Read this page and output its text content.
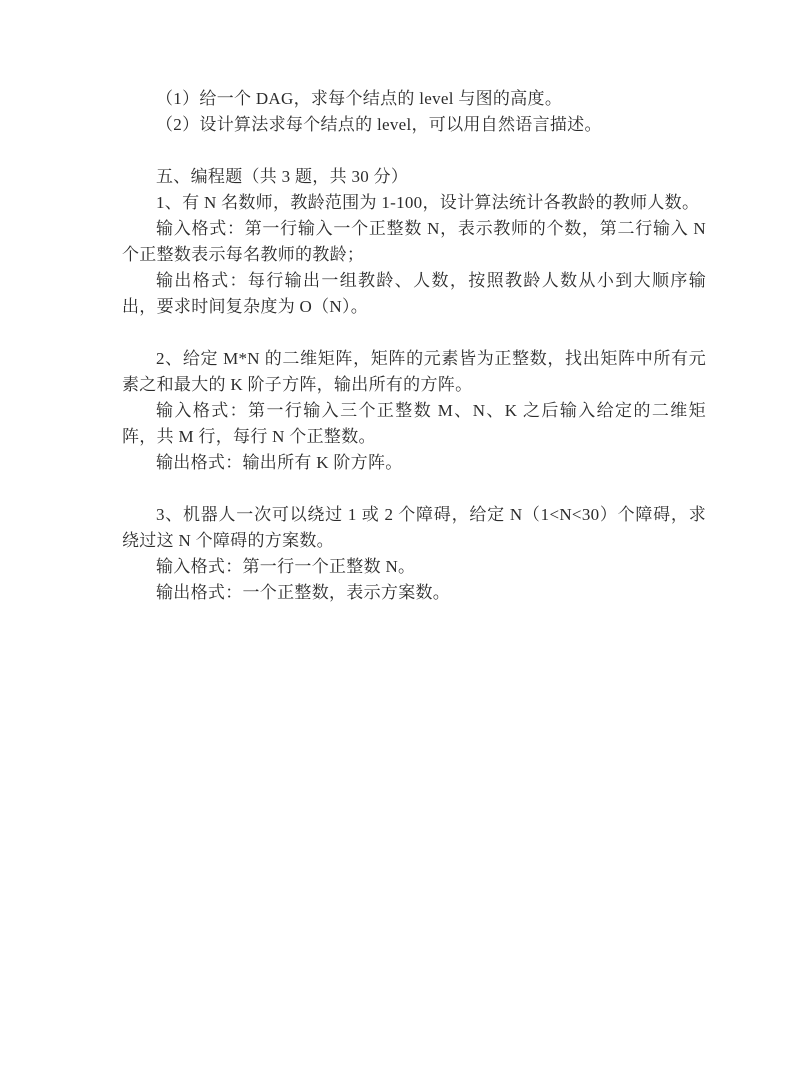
（1）给一个 DAG，求每个结点的 level 与图的高度。

（2）设计算法求每个结点的 level，可以用自然语言描述。

五、编程题（共 3 题，共 30 分）

1、有 N 名数师，教龄范围为 1-100，设计算法统计各教龄的教师人数。

输入格式：第一行输入一个正整数 N，表示教师的个数，第二行输入 N 个正整数表示每名教师的教龄；

输出格式：每行输出一组教龄、人数，按照教龄人数从小到大顺序输出，要求时间复杂度为 O（N）。

2、给定 M*N 的二维矩阵，矩阵的元素皆为正整数，找出矩阵中所有元素之和最大的 K 阶子方阵，输出所有的方阵。

输入格式：第一行输入三个正整数 M、N、K 之后输入给定的二维矩阵，共 M 行，每行 N 个正整数。

输出格式：输出所有 K 阶方阵。

3、机器人一次可以绕过 1 或 2 个障碍，给定 N（1<N<30）个障碍，求绕过这 N 个障碍的方案数。

输入格式：第一行一个正整数 N。

输出格式：一个正整数，表示方案数。
